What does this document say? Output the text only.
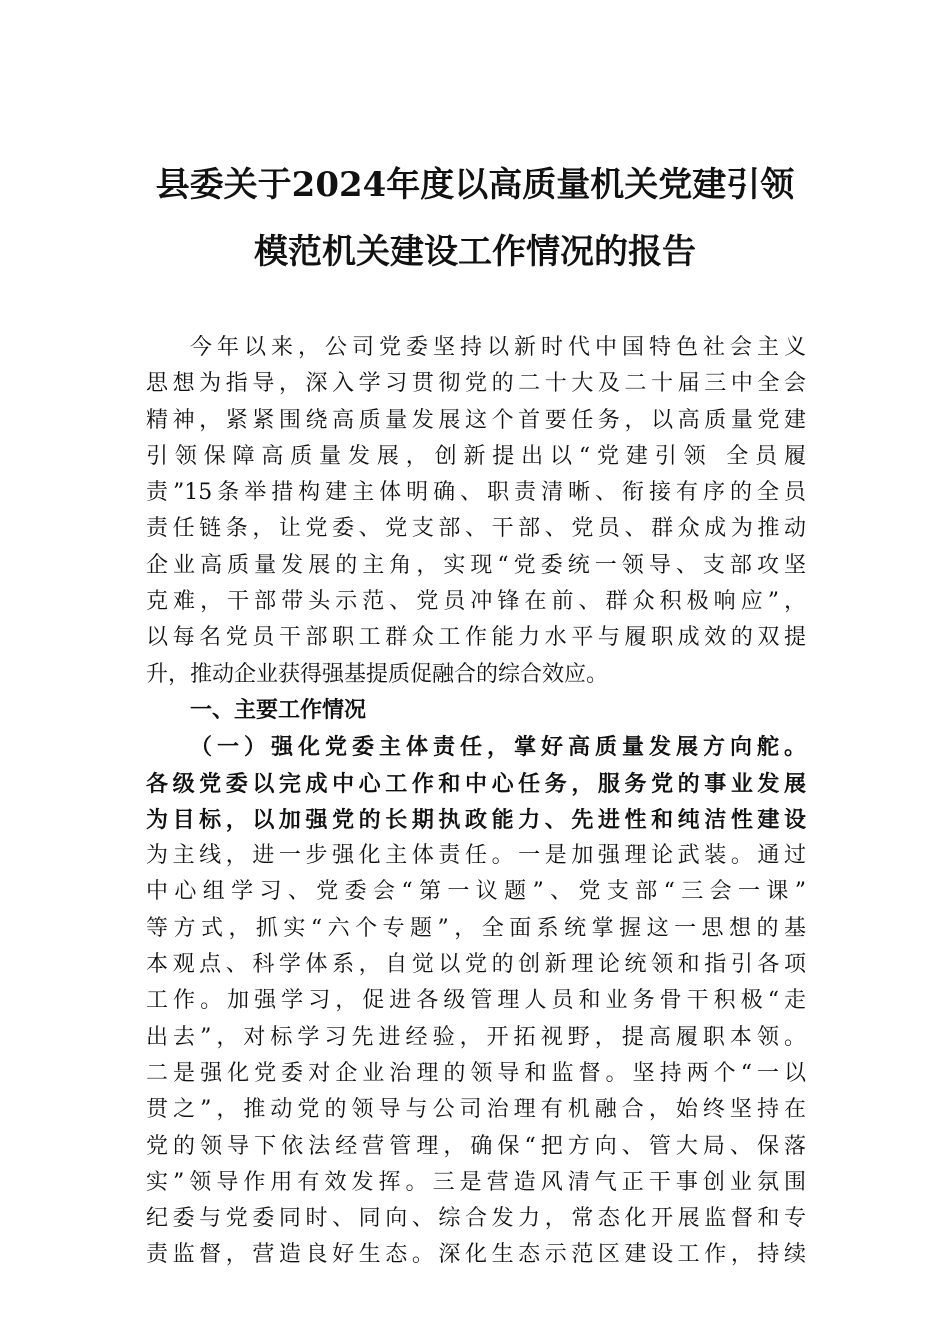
县委关于2024年度以高质量机关党建引领
模范机关建设工作情况的报告
今年以来，公司党委坚持以新时代中国特色社会主义
思想为指导，深入学习贯彻党的二十大及二十届三中全会
精神，紧紧围绕高质量发展这个首要任务，以高质量党建
引领保障高质量发展，创新提出以“党建引领 全员履
责”15条举措构建主体明确、职责清晰、衔接有序的全员
责任链条，让党委、党支部、干部、党员、群众成为推动
企业高质量发展的主角，实现“党委统一领导、支部攻坚
克难，干部带头示范、党员冲锋在前、群众积极响应”，
以每名党员干部职工群众工作能力水平与履职成效的双提
升，推动企业获得强基提质促融合的综合效应。
一、主要工作情况
（一）强化党委主体责任，掌好高质量发展方向舵。
各级党委以完成中心工作和中心任务，服务党的事业发展
为目标，以加强党的长期执政能力、先进性和纯洁性建设
为主线，进一步强化主体责任。一是加强理论武装。通过
中心组学习、党委会“第一议题”、党支部“三会一课”
等方式，抓实“六个专题”，全面系统掌握这一思想的基
本观点、科学体系，自觉以党的创新理论统领和指引各项
工作。加强学习，促进各级管理人员和业务骨干积极“走
出去”，对标学习先进经验，开拓视野，提高履职本领。
二是强化党委对企业治理的领导和监督。坚持两个“一以
贯之”，推动党的领导与公司治理有机融合，始终坚持在
党的领导下依法经营管理，确保“把方向、管大局、保落
实”领导作用有效发挥。三是营造风清气正干事创业氛围
纪委与党委同时、同向、综合发力，常态化开展监督和专
责监督，营造良好生态。深化生态示范区建设工作，持续
